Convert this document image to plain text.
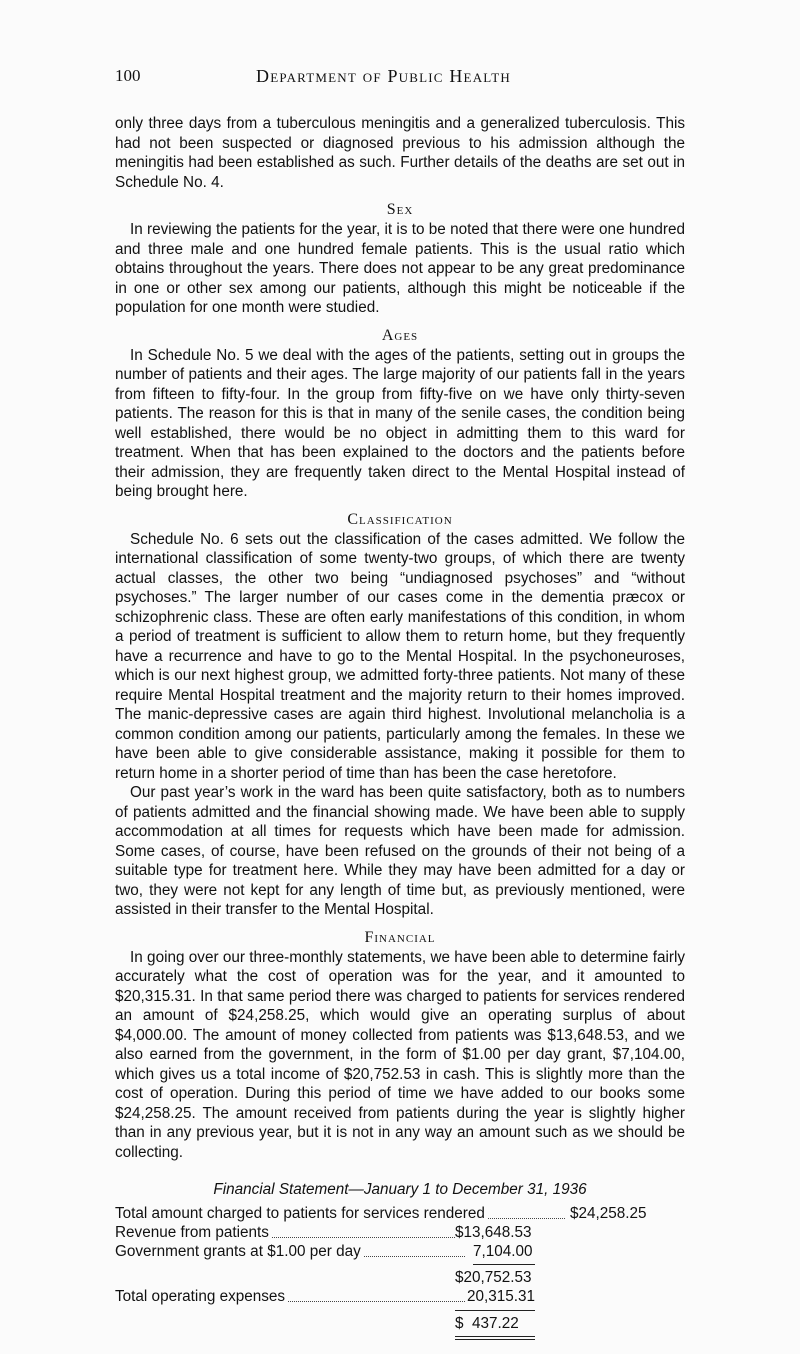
100	Department of Public Health

only three days from a tuberculous meningitis and a generalized tuberculosis. This had not been suspected or diagnosed previous to his admission although the meningitis had been established as such. Further details of the deaths are set out in Schedule No. 4.

Sex

In reviewing the patients for the year, it is to be noted that there were one hundred and three male and one hundred female patients. This is the usual ratio which obtains throughout the years. There does not appear to be any great predominance in one or other sex among our patients, although this might be noticeable if the population for one month were studied.

Ages

In Schedule No. 5 we deal with the ages of the patients, setting out in groups the number of patients and their ages. The large majority of our patients fall in the years from fifteen to fifty-four. In the group from fifty-five on we have only thirty-seven patients. The reason for this is that in many of the senile cases, the condition being well established, there would be no object in admitting them to this ward for treatment. When that has been explained to the doctors and the patients before their admission, they are frequently taken direct to the Mental Hospital instead of being brought here.

Classification

Schedule No. 6 sets out the classification of the cases admitted. We follow the international classification of some twenty-two groups, of which there are twenty actual classes, the other two being “undiagnosed psychoses” and “without psychoses.” The larger number of our cases come in the dementia præcox or schizophrenic class. These are often early manifestations of this condition, in whom a period of treatment is sufficient to allow them to return home, but they frequently have a recurrence and have to go to the Mental Hospital. In the psychoneuroses, which is our next highest group, we admitted forty-three patients. Not many of these require Mental Hospital treatment and the majority return to their homes improved. The manic-depressive cases are again third highest. Involutional melancholia is a common condition among our patients, particularly among the females. In these we have been able to give considerable assistance, making it possible for them to return home in a shorter period of time than has been the case heretofore.

Our past year’s work in the ward has been quite satisfactory, both as to numbers of patients admitted and the financial showing made. We have been able to supply accommodation at all times for requests which have been made for admission. Some cases, of course, have been refused on the grounds of their not being of a suitable type for treatment here. While they may have been admitted for a day or two, they were not kept for any length of time but, as previously mentioned, were assisted in their transfer to the Mental Hospital.

Financial

In going over our three-monthly statements, we have been able to determine fairly accurately what the cost of operation was for the year, and it amounted to $20,315.31. In that same period there was charged to patients for services rendered an amount of $24,258.25, which would give an operating surplus of about $4,000.00. The amount of money collected from patients was $13,648.53, and we also earned from the government, in the form of $1.00 per day grant, $7,104.00, which gives us a total income of $20,752.53 in cash. This is slightly more than the cost of operation. During this period of time we have added to our books some $24,258.25. The amount received from patients during the year is slightly higher than in any previous year, but it is not in any way an amount such as we should be collecting.

Financial Statement—January 1 to December 31, 1936
Total amount charged to patients for services rendered	$24,258.25
Revenue from patients	$13,648.53
Government grants at $1.00 per day	7,104.00
$20,752.53
Total operating expenses	20,315.31
$  437.22
